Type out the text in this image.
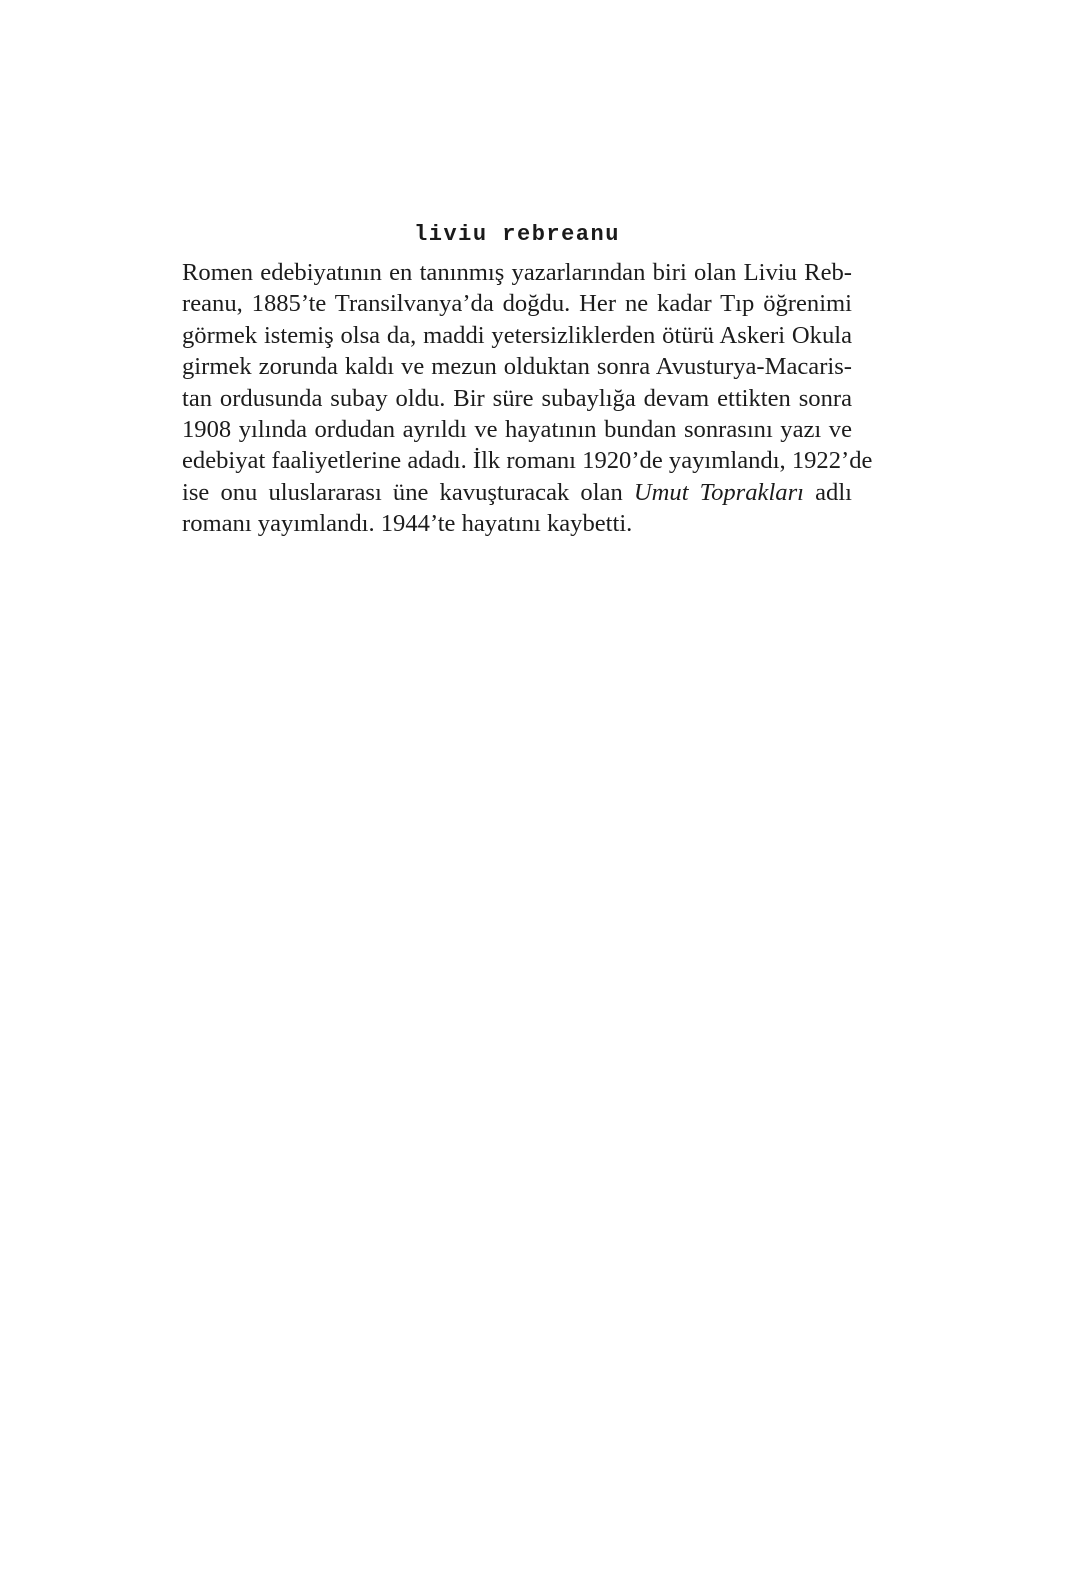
liviu rebreanu

Romen edebiyatının en tanınmış yazarlarından biri olan Liviu Reb-
reanu, 1885’te Transilvanya’da doğdu. Her ne kadar Tıp öğrenimi
görmek istemiş olsa da, maddi yetersizliklerden ötürü Askeri Okula
girmek zorunda kaldı ve mezun olduktan sonra Avusturya-Macaris-
tan ordusunda subay oldu. Bir süre subaylığa devam ettikten sonra
1908 yılında ordudan ayrıldı ve hayatının bundan sonrasını yazı ve
edebiyat faaliyetlerine adadı. İlk romanı 1920’de yayımlandı, 1922’de
ise onu uluslararası üne kavuşturacak olan Umut Toprakları adlı
romanı yayımlandı. 1944’te hayatını kaybetti.
